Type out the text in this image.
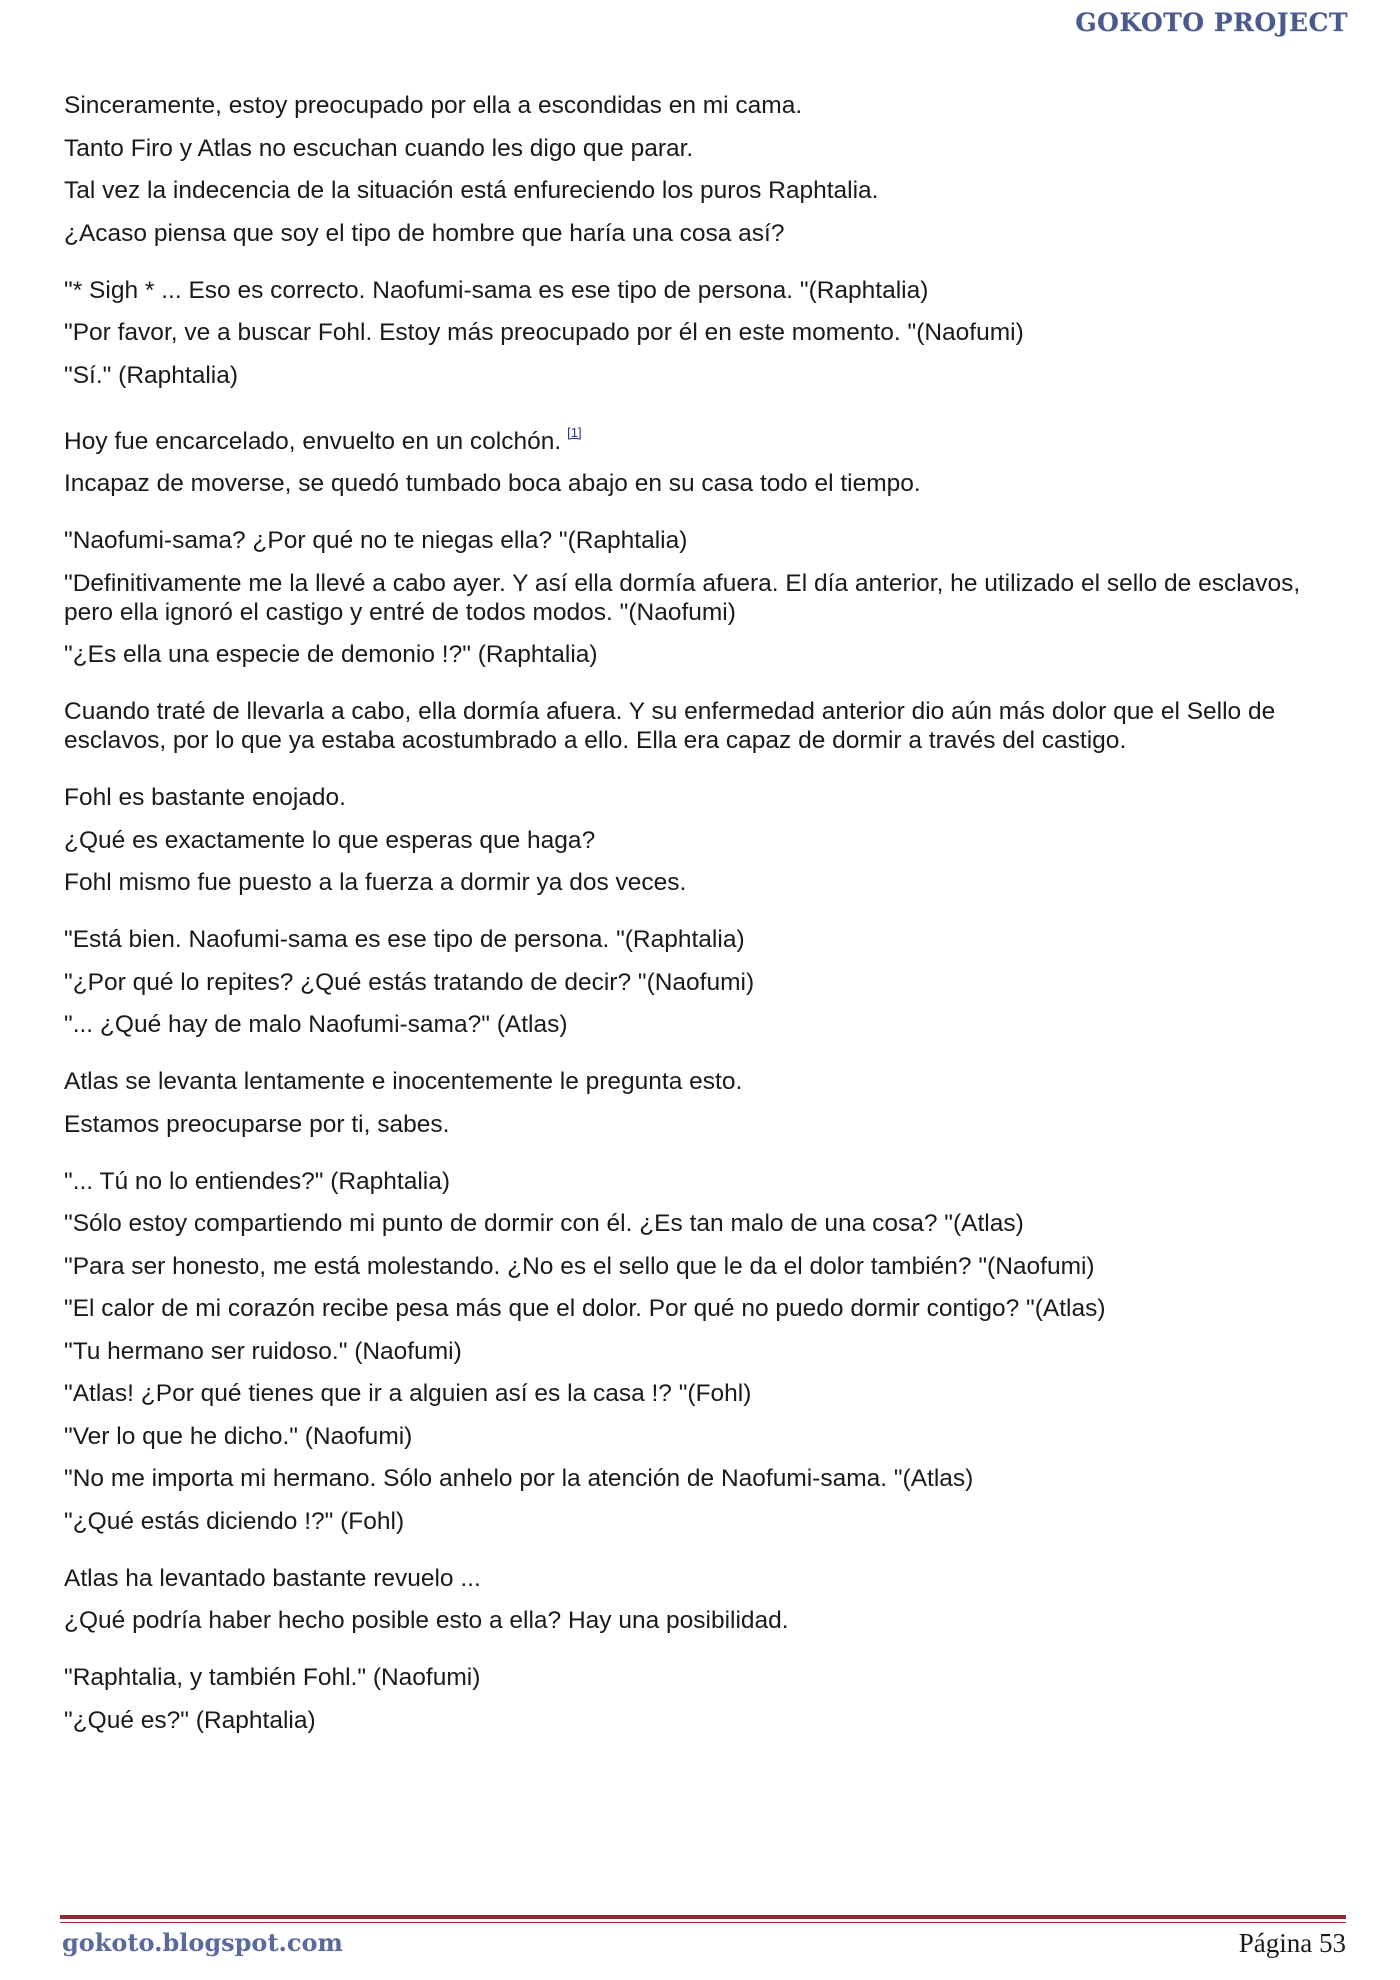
GOKOTO PROJECT
Sinceramente, estoy preocupado por ella a escondidas en mi cama.
Tanto Firo y Atlas no escuchan cuando les digo que parar.
Tal vez la indecencia de la situación está enfureciendo los puros Raphtalia.
¿Acaso piensa que soy el tipo de hombre que haría una cosa así?
"* Sigh * ... Eso es correcto. Naofumi-sama es ese tipo de persona. "(Raphtalia)
"Por favor, ve a buscar Fohl. Estoy más preocupado por él en este momento. "(Naofumi)
"Sí." (Raphtalia)
Hoy fue encarcelado, envuelto en un colchón. [1]
Incapaz de moverse, se quedó tumbado boca abajo en su casa todo el tiempo.
"Naofumi-sama? ¿Por qué no te niegas ella? "(Raphtalia)
"Definitivamente me la llevé a cabo ayer. Y así ella dormía afuera. El día anterior, he utilizado el sello de esclavos, pero ella ignoró el castigo y entré de todos modos. "(Naofumi)
"¿Es ella una especie de demonio !?" (Raphtalia)
Cuando traté de llevarla a cabo, ella dormía afuera. Y su enfermedad anterior dio aún más dolor que el Sello de esclavos, por lo que ya estaba acostumbrado a ello. Ella era capaz de dormir a través del castigo.
Fohl es bastante enojado.
¿Qué es exactamente lo que esperas que haga?
Fohl mismo fue puesto a la fuerza a dormir ya dos veces.
"Está bien. Naofumi-sama es ese tipo de persona. "(Raphtalia)
"¿Por qué lo repites? ¿Qué estás tratando de decir? "(Naofumi)
"... ¿Qué hay de malo Naofumi-sama?" (Atlas)
Atlas se levanta lentamente e inocentemente le pregunta esto.
Estamos preocuparse por ti, sabes.
"... Tú no lo entiendes?" (Raphtalia)
"Sólo estoy compartiendo mi punto de dormir con él. ¿Es tan malo de una cosa? "(Atlas)
"Para ser honesto, me está molestando. ¿No es el sello que le da el dolor también? "(Naofumi)
"El calor de mi corazón recibe pesa más que el dolor. Por qué no puedo dormir contigo? "(Atlas)
"Tu hermano ser ruidoso." (Naofumi)
"Atlas! ¿Por qué tienes que ir a alguien así es la casa !? "(Fohl)
"Ver lo que he dicho." (Naofumi)
"No me importa mi hermano. Sólo anhelo por la atención de Naofumi-sama. "(Atlas)
"¿Qué estás diciendo !?" (Fohl)
Atlas ha levantado bastante revuelo ...
¿Qué podría haber hecho posible esto a ella? Hay una posibilidad.
"Raphtalia, y también Fohl." (Naofumi)
"¿Qué es?" (Raphtalia)
gokoto.blogspot.com	Página 53
